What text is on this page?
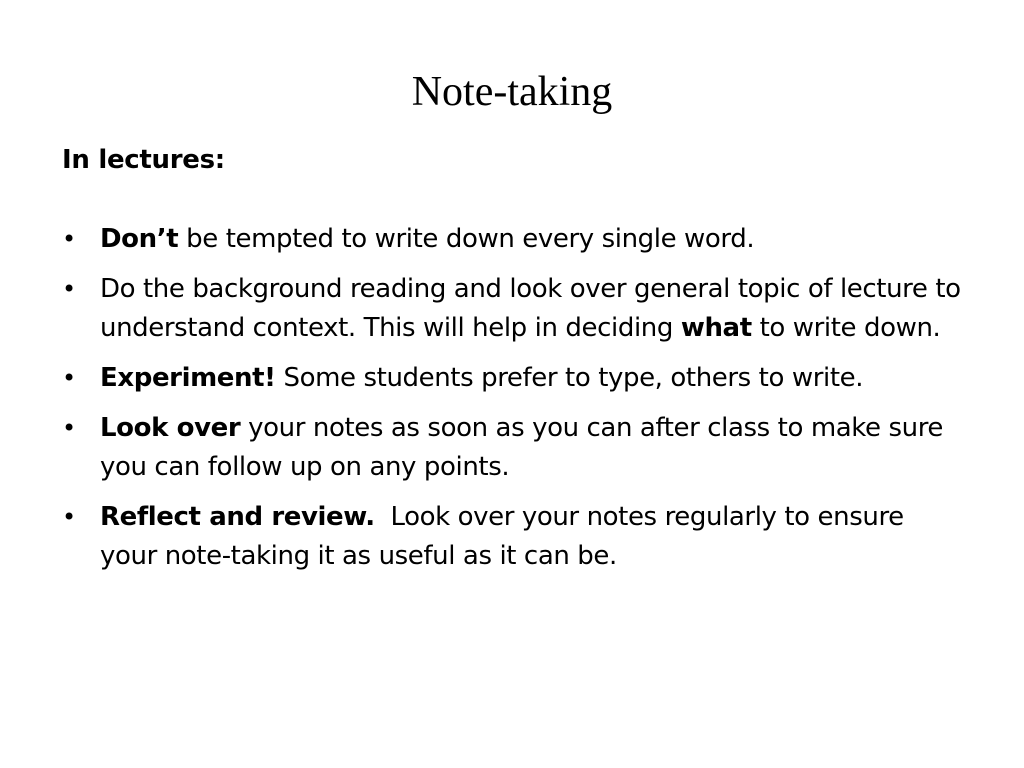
Note-taking
In lectures:
• Don’t be tempted to write down every single word.
• Do the background reading and look over general topic of lecture to understand context. This will help in deciding what to write down.
• Experiment! Some students prefer to type, others to write.
• Look over your notes as soon as you can after class to make sure you can follow up on any points.
• Reflect and review.  Look over your notes regularly to ensure your note-taking it as useful as it can be.
